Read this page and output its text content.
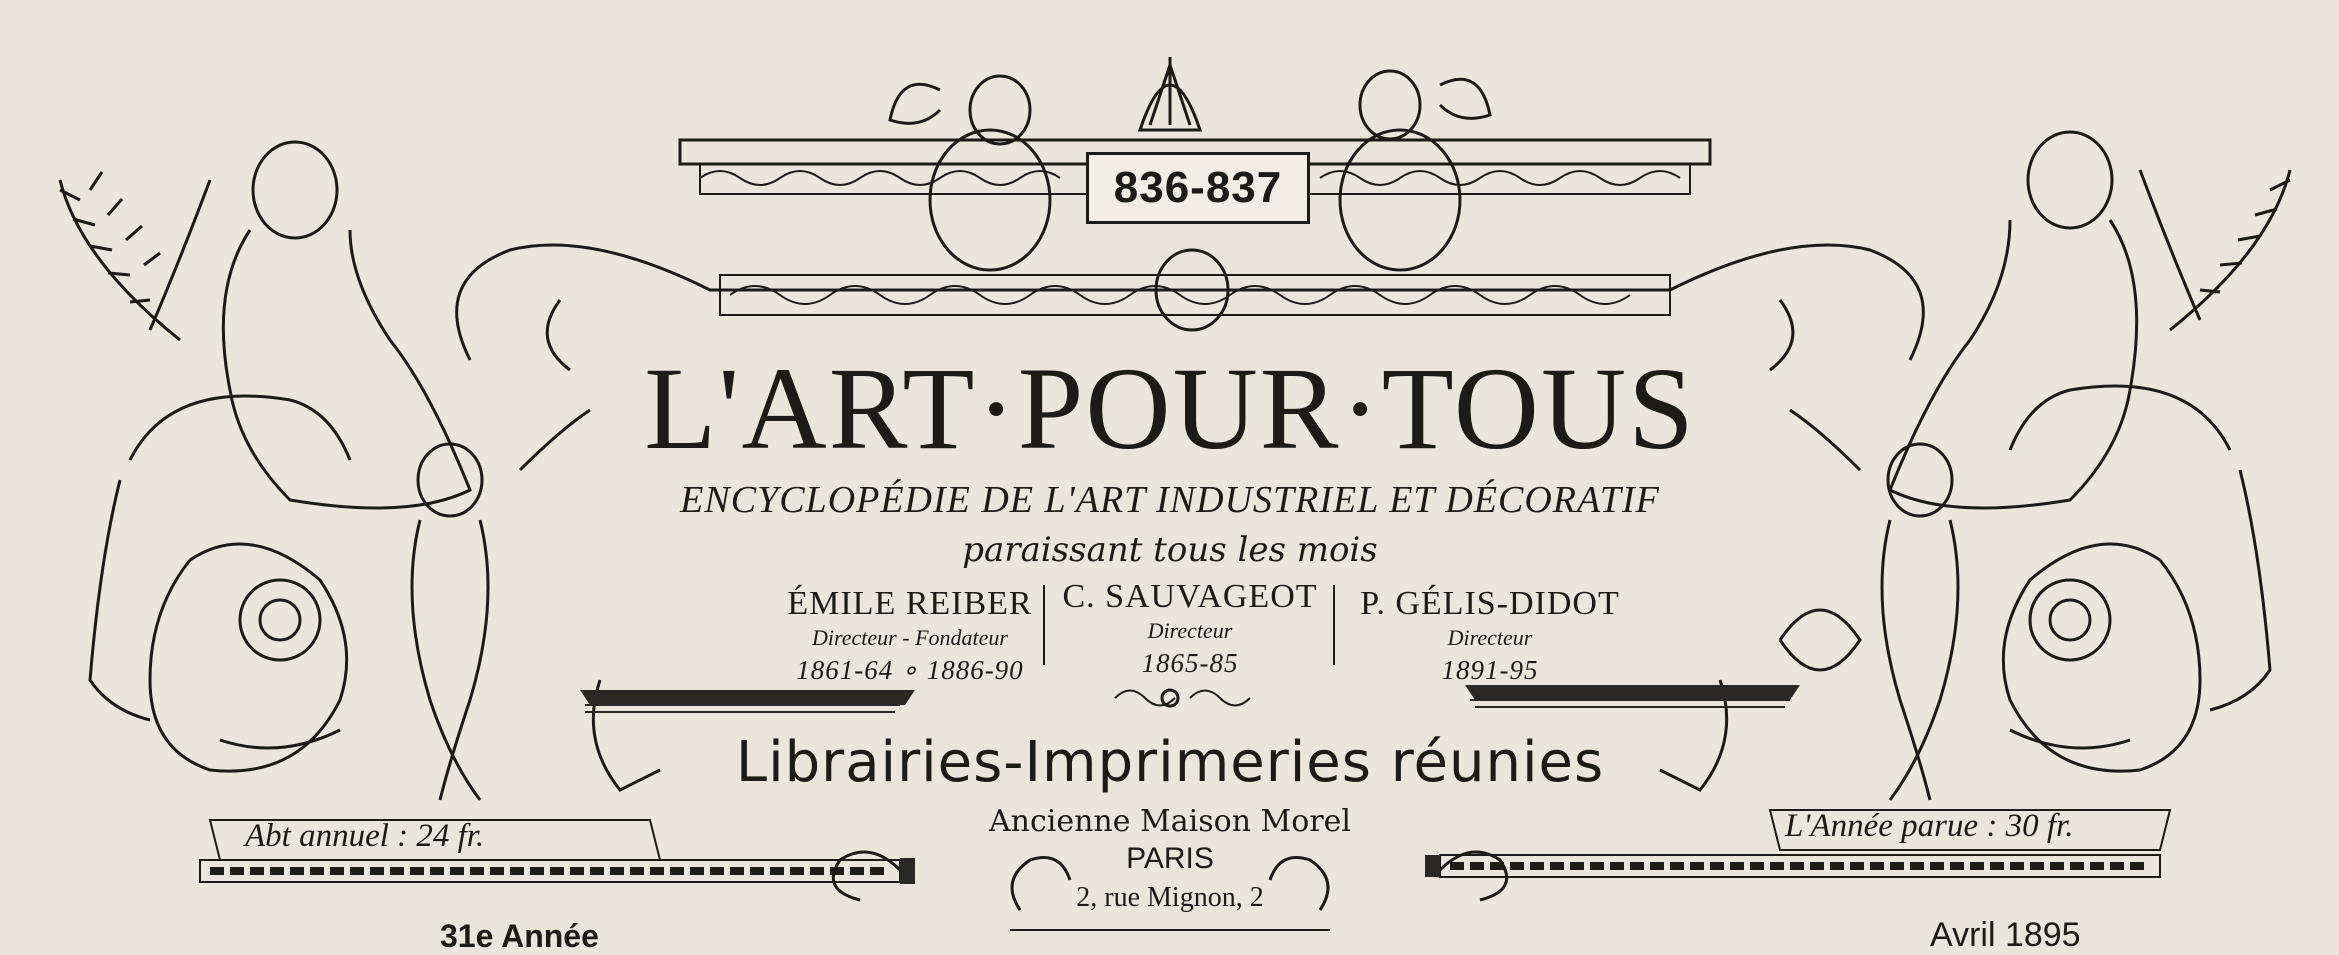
836-837
L'ART·POUR·TOUS
ENCYCLOPÉDIE DE L'ART INDUSTRIEL ET DÉCORATIF
paraissant tous les mois
ÉMILE REIBER
Directeur - Fondateur
1861-64 ∘ 1886-90
C. SAUVAGEOT
Directeur
1865-85
P. GÉLIS-DIDOT
Directeur
1891-95
Librairies-Imprimeries réunies
Ancienne Maison Morel
PARIS
2, rue Mignon, 2
Abt annuel : 24 fr.	L'Année parue : 30 fr.
31e Année	Avril 1895
